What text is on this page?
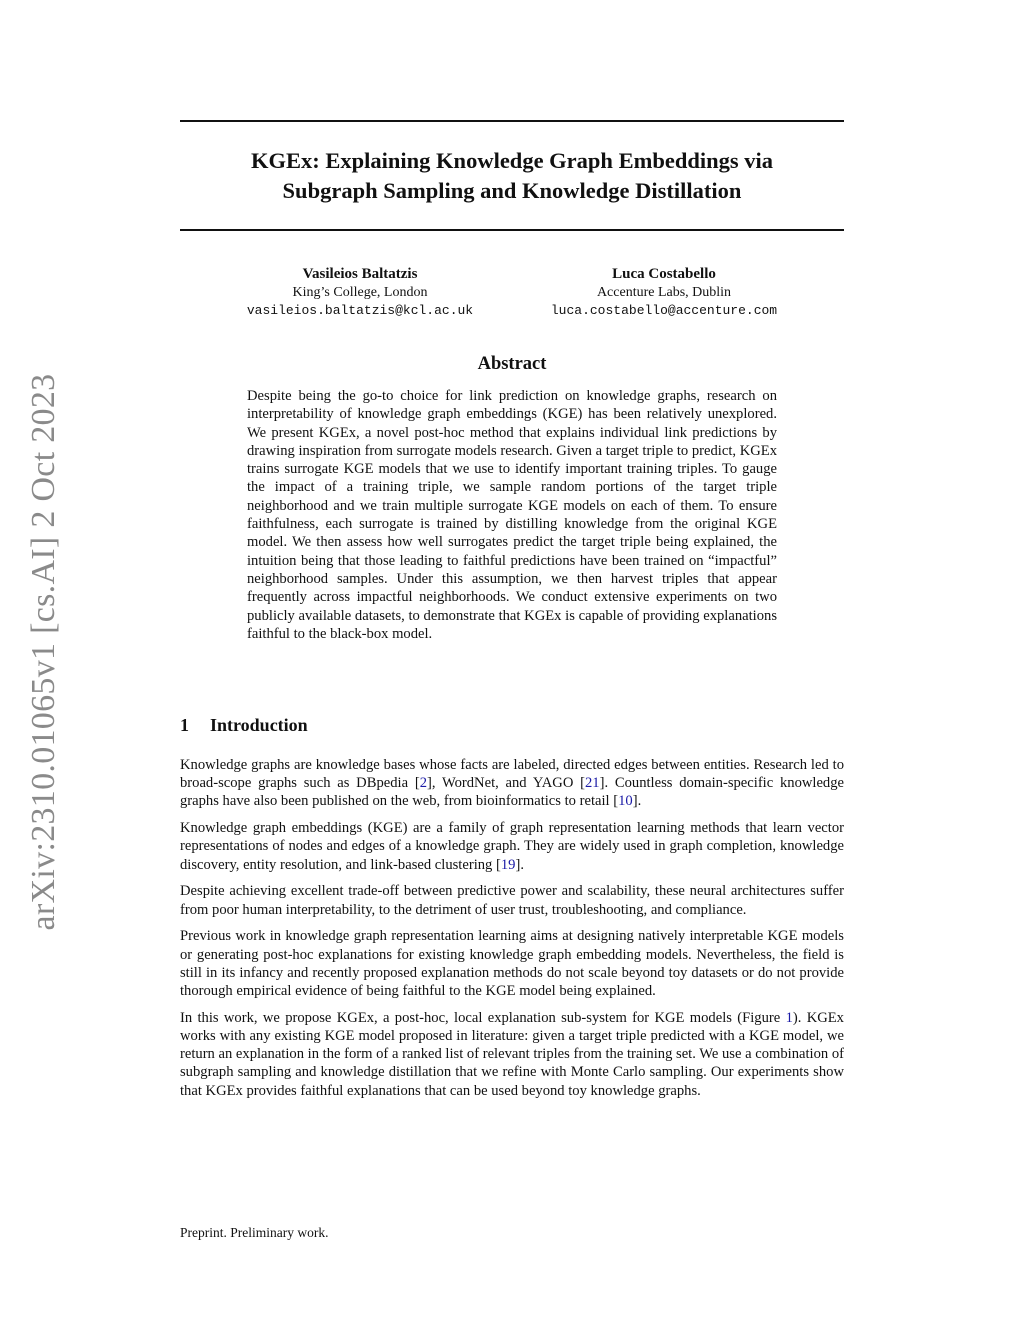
arXiv:2310.01065v1 [cs.AI] 2 Oct 2023
KGEx: Explaining Knowledge Graph Embeddings via
Subgraph Sampling and Knowledge Distillation
Vasileios Baltatzis
King’s College, London
vasileios.baltatzis@kcl.ac.uk
Luca Costabello
Accenture Labs, Dublin
luca.costabello@accenture.com
Abstract
Despite being the go-to choice for link prediction on knowledge graphs, research on interpretability of knowledge graph embeddings (KGE) has been relatively unexplored. We present KGEx, a novel post-hoc method that explains individual link predictions by drawing inspiration from surrogate models research. Given a target triple to predict, KGEx trains surrogate KGE models that we use to identify important training triples. To gauge the impact of a training triple, we sample random portions of the target triple neighborhood and we train multiple surrogate KGE models on each of them. To ensure faithfulness, each surrogate is trained by distilling knowledge from the original KGE model. We then assess how well surrogates predict the target triple being explained, the intuition being that those leading to faithful predictions have been trained on “impactful” neighborhood samples. Under this assumption, we then harvest triples that appear frequently across impactful neighborhoods. We conduct extensive experiments on two publicly available datasets, to demonstrate that KGEx is capable of providing explanations faithful to the black-box model.
1 Introduction

Knowledge graphs are knowledge bases whose facts are labeled, directed edges between entities. Research led to broad-scope graphs such as DBpedia [2], WordNet, and YAGO [21]. Countless domain-specific knowledge graphs have also been published on the web, from bioinformatics to retail [10].

Knowledge graph embeddings (KGE) are a family of graph representation learning methods that learn vector representations of nodes and edges of a knowledge graph. They are widely used in graph completion, knowledge discovery, entity resolution, and link-based clustering [19].

Despite achieving excellent trade-off between predictive power and scalability, these neural architectures suffer from poor human interpretability, to the detriment of user trust, troubleshooting, and compliance.

Previous work in knowledge graph representation learning aims at designing natively interpretable KGE models or generating post-hoc explanations for existing knowledge graph embedding models. Nevertheless, the field is still in its infancy and recently proposed explanation methods do not scale beyond toy datasets or do not provide thorough empirical evidence of being faithful to the KGE model being explained.

In this work, we propose KGEx, a post-hoc, local explanation sub-system for KGE models (Figure 1). KGEx works with any existing KGE model proposed in literature: given a target triple predicted with a KGE model, we return an explanation in the form of a ranked list of relevant triples from the training set. We use a combination of subgraph sampling and knowledge distillation that we refine with Monte Carlo sampling. Our experiments show that KGEx provides faithful explanations that can be used beyond toy knowledge graphs.

Preprint. Preliminary work.
